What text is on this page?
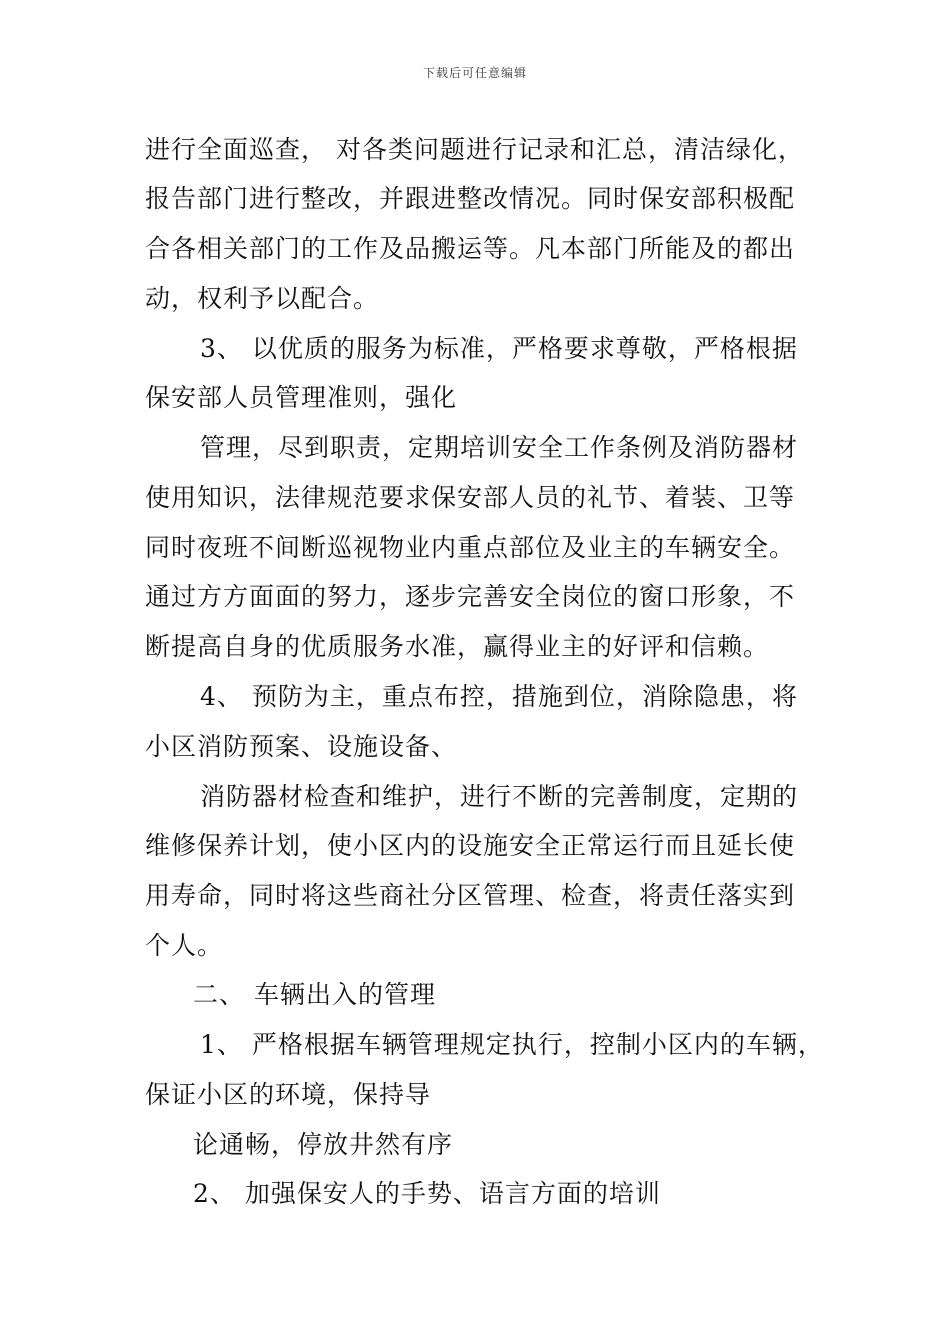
下载后可任意编辑
进行全面巡查， 对各类问题进行记录和汇总，清洁绿化，
报告部门进行整改，并跟进整改情况。同时保安部积极配
合各相关部门的工作及品搬运等。凡本部门所能及的都出
动，权利予以配合。
3、 以优质的服务为标准，严格要求尊敬，严格根据
保安部人员管理准则，强化
管理，尽到职责，定期培训安全工作条例及消防器材
使用知识，法律规范要求保安部人员的礼节、着装、卫等
同时夜班不间断巡视物业内重点部位及业主的车辆安全。
通过方方面面的努力，逐步完善安全岗位的窗口形象，不
断提高自身的优质服务水准，赢得业主的好评和信赖。
4、 预防为主，重点布控，措施到位，消除隐患，将
小区消防预案、设施设备、
消防器材检查和维护，进行不断的完善制度，定期的
维修保养计划，使小区内的设施安全正常运行而且延长使
用寿命，同时将这些商社分区管理、检查，将责任落实到
个人。
二、 车辆出入的管理
1、 严格根据车辆管理规定执行，控制小区内的车辆，
保证小区的环境，保持导
论通畅，停放井然有序
2、 加强保安人的手势、语言方面的培训
